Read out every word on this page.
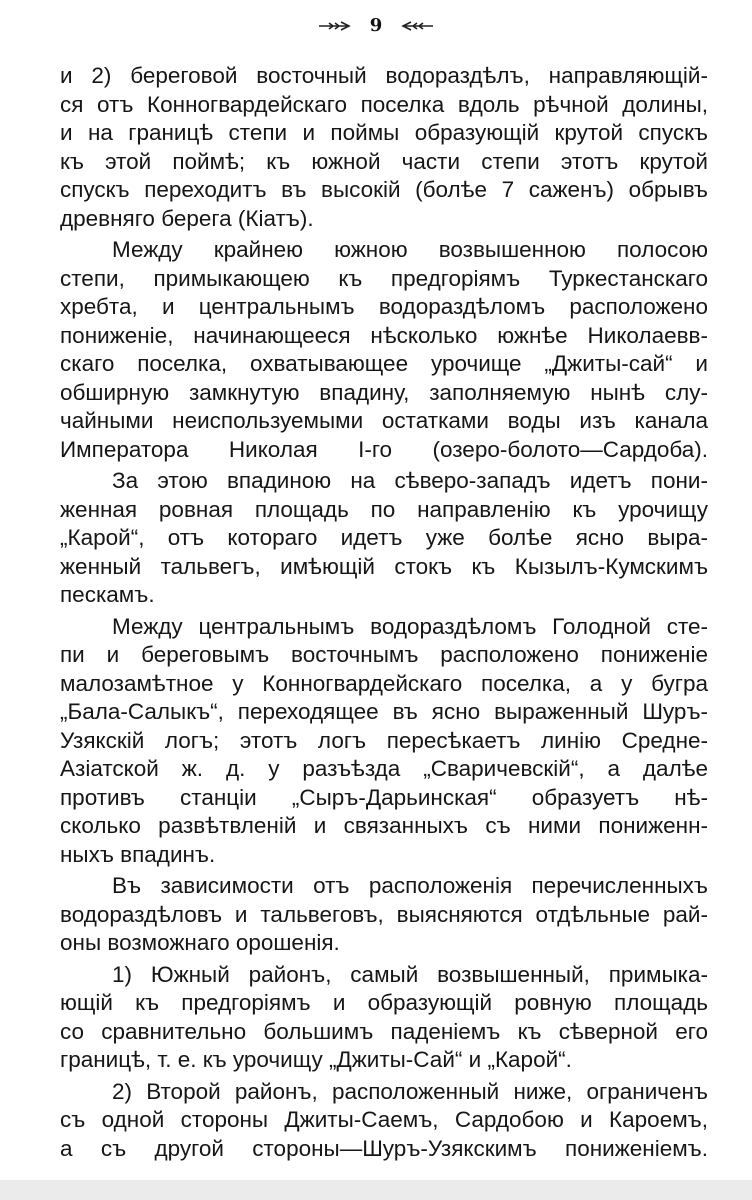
9
и 2) береговой восточный водораздѣлъ, направляющій-
ся отъ Конногвардейскаго поселка вдоль рѣчной долины,
и на границѣ степи и поймы образующій крутой спускъ
къ этой поймѣ; къ южной части степи этотъ крутой
спускъ переходитъ въ высокій (болѣе 7 саженъ) обрывъ
древняго берега (Кіатъ).
Между крайнею южною возвышенною полосою
степи, примыкающею къ предгоріямъ Туркестанскаго
хребта, и центральнымъ водораздѣломъ расположено
пониженіе, начинающееся нѣсколько южнѣе Николаевв-
скаго поселка, охватывающее урочище „Джиты-сай“ и
обширную замкнутую впадину, заполняемую нынѣ слу-
чайными неиспользуемыми остатками воды изъ канала
Императора Николая I-го (озеро-болото—Сардоба).
За этою впадиною на сѣверо-западъ идетъ пони-
женная ровная площадь по направленію къ урочищу
„Карой“, отъ котораго идетъ уже болѣе ясно выра-
женный тальвегъ, имѣющій стокъ къ Кызылъ-Кумскимъ
пескамъ.
Между центральнымъ водораздѣломъ Голодной сте-
пи и береговымъ восточнымъ расположено пониженіе
малозамѣтное у Конногвардейскаго поселка, а у бугра
„Бала-Салыкъ“, переходящее въ ясно выраженный Шуръ-
Узякскій логъ; этотъ логъ пересѣкаетъ линію Средне-
Азіатской ж. д. у разъѣзда „Сваричевскій“, а далѣе
противъ станціи „Сыръ-Дарьинская“ образуетъ нѣ-
сколько развѣтвленій и связанныхъ съ ними пониженн-
ныхъ впадинъ.
Въ зависимости отъ расположенія перечисленныхъ
водораздѣловъ и тальвеговъ, выясняются отдѣльные рай-
оны возможнаго орошенія.
1) Южный районъ, самый возвышенный, примыка-
ющій къ предгоріямъ и образующій ровную площадь
со сравнительно большимъ паденіемъ къ сѣверной его
границѣ, т. е. къ урочищу „Джиты-Сай“ и „Карой“.
2) Второй районъ, расположенный ниже, ограниченъ
съ одной стороны Джиты-Саемъ, Сардобою и Кароемъ,
а съ другой стороны—Шуръ-Узякскимъ пониженіемъ.
